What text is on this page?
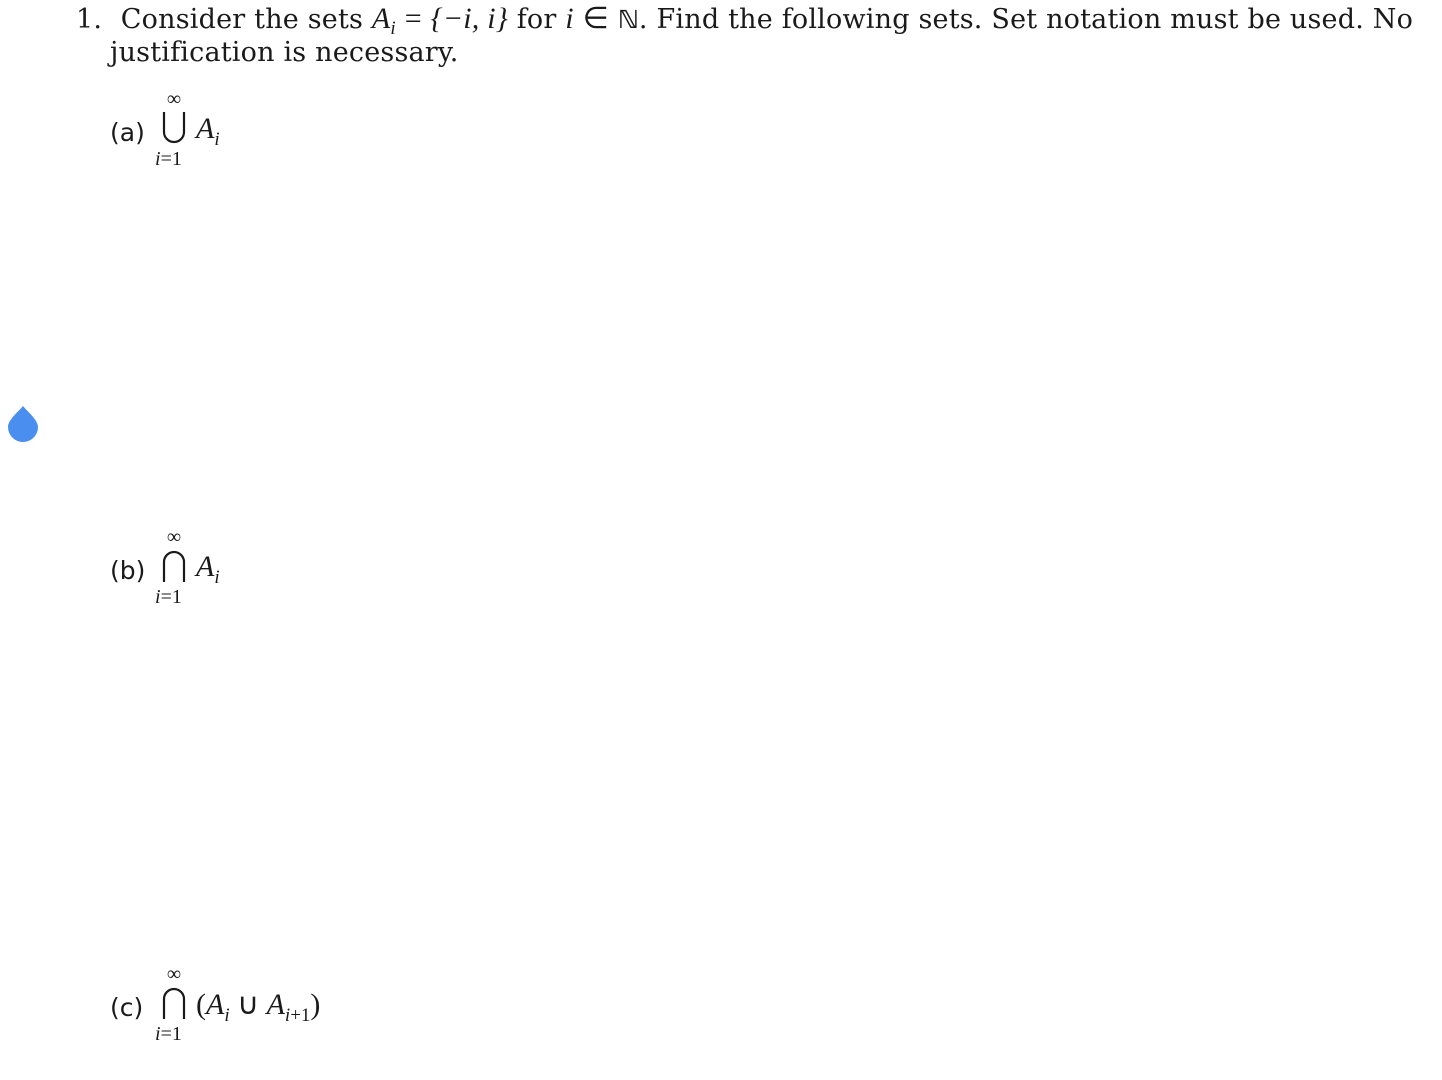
1. Consider the sets $A_i = \{-i$, i} for i ∈ ℕ. Find the following sets. Set notation must be used. No
justification is necessary.
(a)
∞
i=1
$A_i$
(b)
∞
i=1
$A_i$
(c)
∞
i=1
($A_i$ ∪ $A_{i+1}$)
